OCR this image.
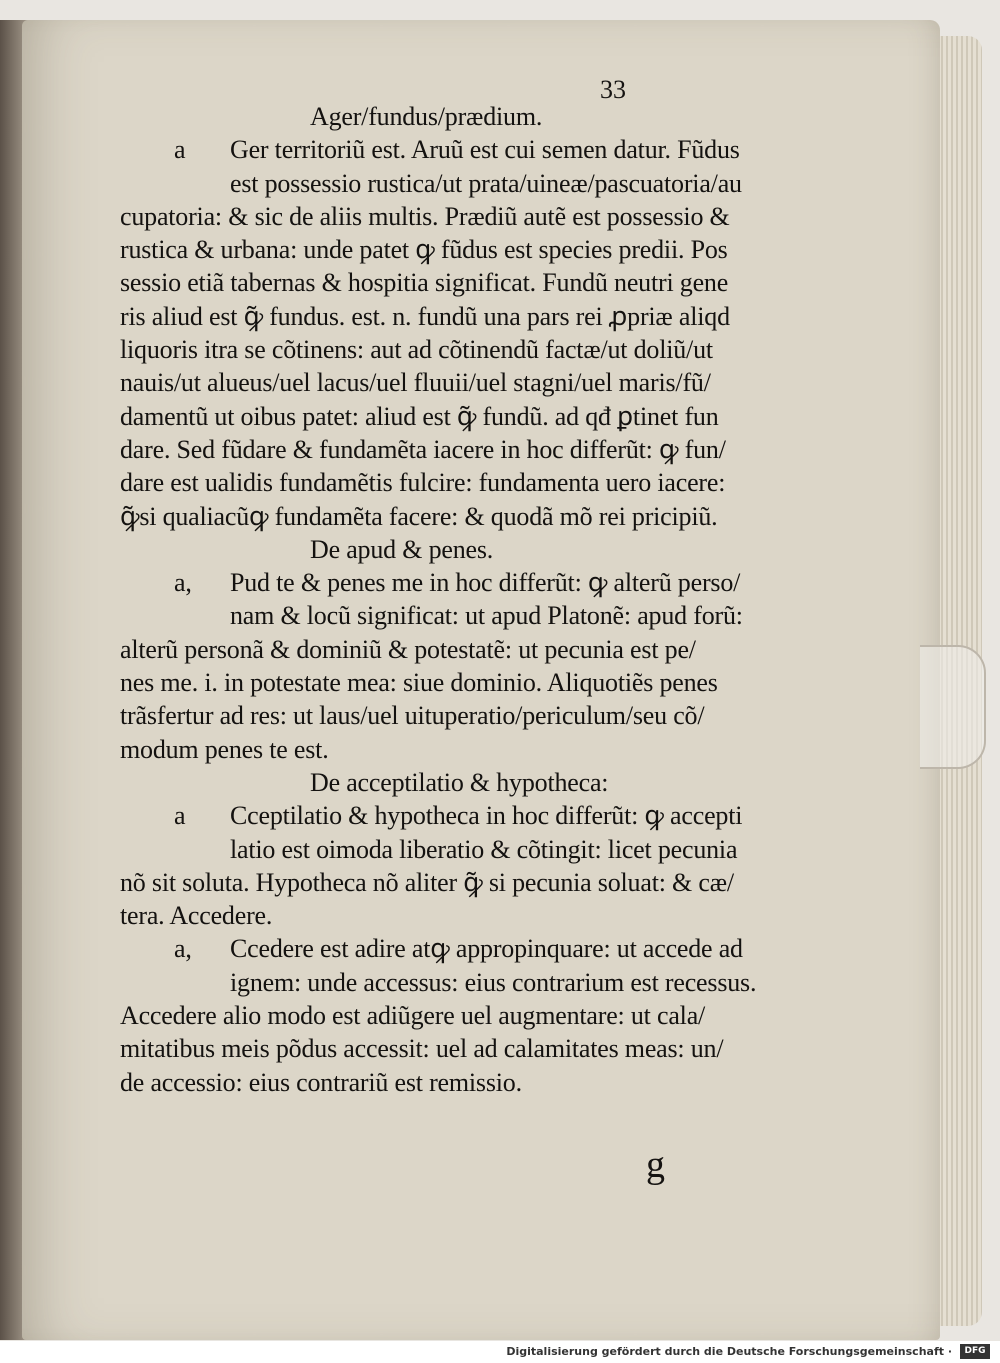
33
Ager/fundus/prædium.
a Ger territoriũ est. Aruũ est cui semen datur. Fũdus
est possessio rustica/ut prata/uineæ/pascuatoria/au
cupatoria: & sic de aliis multis. Prædiũ autẽ est possessio &
rustica & urbana: unde patet ꝙ fũdus est species predii. Pos
sessio etiã tabernas & hospitia significat. Fundũ neutri gene
ris aliud est ꝙ̃ fundus. est. n. fundũ una pars rei ꝓpriæ aliqd
liquoris itra se cõtinens: aut ad cõtinendũ factæ/ut doliũ/ut
nauis/ut alueus/uel lacus/uel fluuii/uel stagni/uel maris/fũ/
damentũ ut oibus patet: aliud est ꝙ̃ fundũ. ad qđ ꝑtinet fun
dare. Sed fũdare & fundamẽta iacere in hoc differũt: ꝙ fun/
dare est ualidis fundamẽtis fulcire: fundamenta uero iacere:
ꝙ̃si qualiacũꝙ fundamẽta facere: & quodã mõ rei pricipiũ.
De apud & penes.
a, Pud te & penes me in hoc differũt: ꝙ alterũ perso/
nam & locũ significat: ut apud Platonẽ: apud forũ:
alterũ personã & dominiũ & potestatẽ: ut pecunia est pe/
nes me. i. in potestate mea: siue dominio. Aliquotiẽs penes
trãsfertur ad res: ut laus/uel uituperatio/periculum/seu cõ/
modum penes te est.
De acceptilatio & hypotheca:
a Cceptilatio & hypotheca in hoc differũt: ꝙ accepti
latio est oimoda liberatio & cõtingit: licet pecunia
nõ sit soluta. Hypotheca nõ aliter ꝙ̃ si pecunia soluat: & cæ/
tera. Accedere.
a, Ccedere est adire atꝙ appropinquare: ut accede ad
ignem: unde accessus: eius contrarium est recessus.
Accedere alio modo est adiũgere uel augmentare: ut cala/
mitatibus meis põdus accessit: uel ad calamitates meas: un/
de accessio: eius contrariũ est remissio.
g
Digitalisierung gefördert durch die Deutsche Forschungsgemeinschaft ·	DFG
